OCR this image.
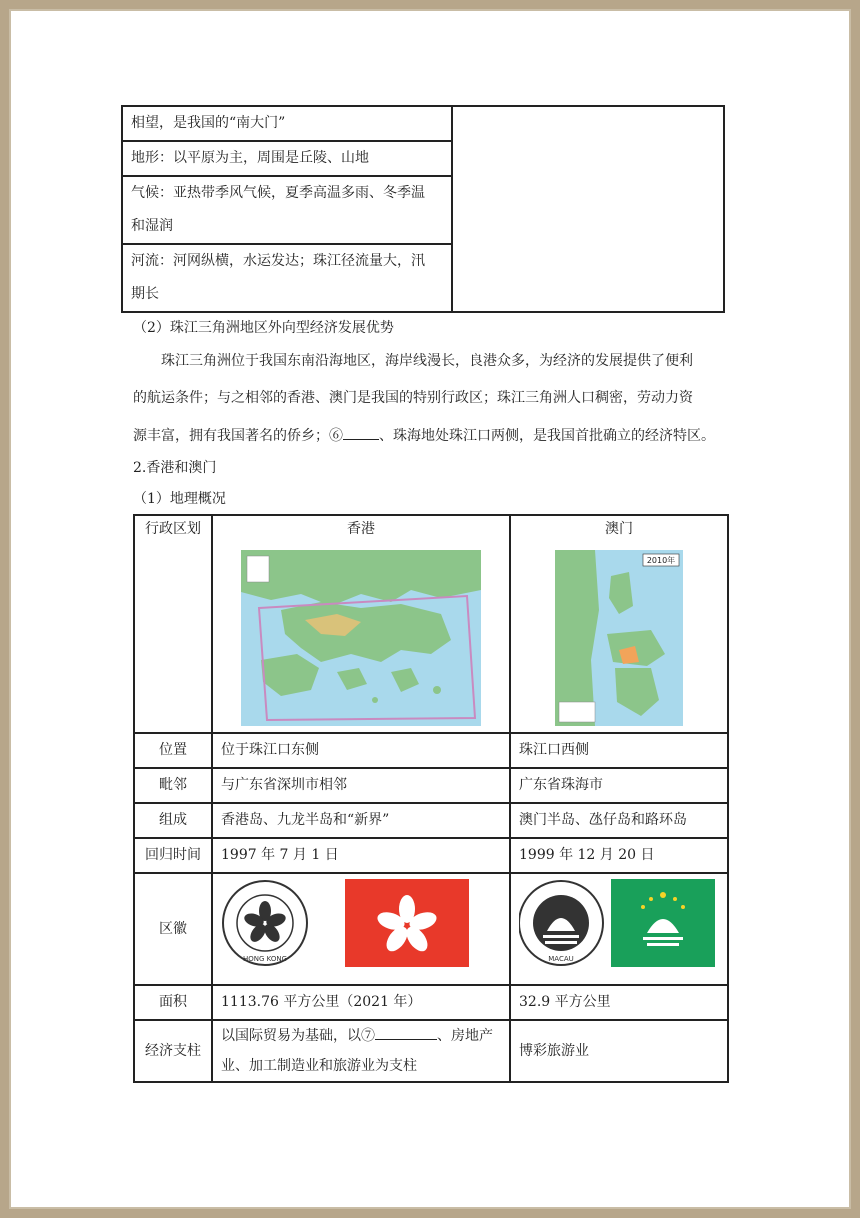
相望，是我国的“南大门”	
地形：以平原为主，周围是丘陵、山地

气候：亚热带季风气候，夏季高温多雨、冬季温
和湿润

河流：河网纵横，水运发达；珠江径流量大，汛
期长
（2）珠江三角洲地区外向型经济发展优势
珠江三角洲位于我国东南沿海地区，海岸线漫长，良港众多，为经济的发展提供了便利
的航运条件；与之相邻的香港、澳门是我国的特别行政区；珠江三角洲人口稠密，劳动力资
源丰富，拥有我国著名的侨乡；⑥	、珠海地处珠江口两侧，是我国首批确立的经济特区。
2.香港和澳门
（1）地理概况
行政区划	香港	澳门
2010年

位置	位于珠江口东侧	珠江口西侧
毗邻	与广东省深圳市相邻	广东省珠海市
组成	香港岛、九龙半岛和“新界”	澳门半岛、氹仔岛和路环岛
回归时间	1997 年 7 月 1 日	1999 年 12 月 20 日
区徽	HONG KONG	MACAU

面积	1113.76 平方公里（2021 年）	32.9 平方公里
经济支柱	以国际贸易为基础，以⑦ 、房地产
业、加工制造业和旅游业为支柱	博彩旅游业
